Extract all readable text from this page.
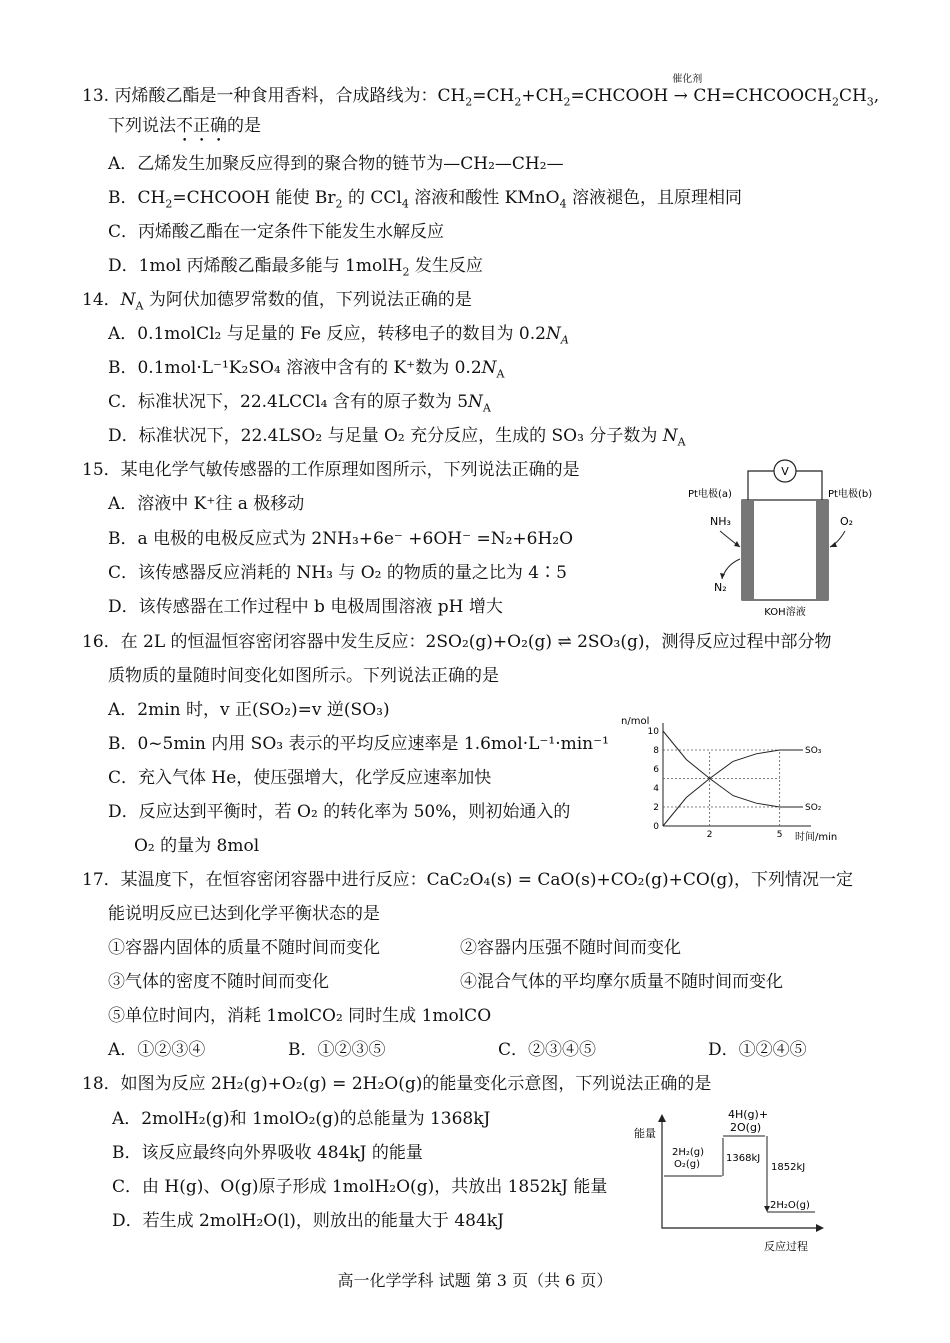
13. 丙烯酸乙酯是一种食用香料，合成路线为：$CH_2=CH_2+CH_2=CHCOOH$
催化剂
→ $CH=CHCOOCH_2CH_3$,
下列说法不正确的是
A．乙烯发生加聚反应得到的聚合物的链节为—CH₂—CH₂—
B．$CH_2=CHCOOH$ 能使 $Br_2$ 的 CCl$_4$ 溶液和酸性 KMnO$_4$ 溶液褪色，且原理相同
C．丙烯酸乙酯在一定条件下能发生水解反应
D．1mol 丙烯酸乙酯最多能与 1molH$_2$ 发生反应
14．$N_A$ 为阿伏加德罗常数的值，下列说法正确的是
A．0.1molCl₂ 与足量的 Fe 反应，转移电子的数目为 $0.2N_A$
B．0.1mol·L⁻¹K₂SO₄ 溶液中含有的 K⁺数为 $0.2N_A$
C．标准状况下，22.4LCCl₄ 含有的原子数为 $5N_A$
D．标准状况下，22.4LSO₂ 与足量 O₂ 充分反应，生成的 SO₃ 分子数为 $N_A$
15．某电化学气敏传感器的工作原理如图所示，下列说法正确的是
A．溶液中 K⁺往 a 极移动
B．a 电极的电极反应式为 2NH₃+6e⁻ +6OH⁻ =N₂+6H₂O
C．该传感器反应消耗的 NH₃ 与 O₂ 的物质的量之比为 4∶5
D．该传感器在工作过程中 b 电极周围溶液 pH 增大
V
Pt电极(a)	Pt电极(b)
NH₃
N₂
O₂
KOH溶液
16．在 2L 的恒温恒容密闭容器中发生反应：2SO₂(g)+O₂(g) ⇌ 2SO₃(g)，测得反应过程中部分物
质物质的量随时间变化如图所示。下列说法正确的是
A．2min 时，v 正(SO₂)=v 逆(SO₃)
B．0~5min 内用 SO₃ 表示的平均反应速率是 1.6mol·L⁻¹·min⁻¹
C．充入气体 He，使压强增大，化学反应速率加快
D．反应达到平衡时，若 O₂ 的转化率为 50%，则初始通入的
O₂ 的量为 8mol
n/mol
时间/min
0
2
4
6
8
10
2	5
SO₃
SO₂
17．某温度下，在恒容密闭容器中进行反应：CaC₂O₄(s) = CaO(s)+CO₂(g)+CO(g)，下列情况一定
能说明反应已达到化学平衡状态的是
①容器内固体的质量不随时间而变化	②容器内压强不随时间而变化
③气体的密度不随时间而变化	④混合气体的平均摩尔质量不随时间而变化
⑤单位时间内，消耗 1molCO₂ 同时生成 1molCO
A．①②③④	B．①②③⑤	C．②③④⑤	D．①②④⑤
18．如图为反应 2H₂(g)+O₂(g) = 2H₂O(g)的能量变化示意图，下列说法正确的是
A．2molH₂(g)和 1molO₂(g)的总能量为 1368kJ
B．该反应最终向外界吸收 484kJ 的能量
C．由 H(g)、O(g)原子形成 1molH₂O(g)，共放出 1852kJ 能量
D．若生成 2molH₂O(l)，则放出的能量大于 484kJ
能量
反应过程
4H(g)+
2O(g)
2H₂(g)
O₂(g)
1368kJ
1852kJ
2H₂O(g)
高一化学学科 试题 第 3 页（共 6 页）
